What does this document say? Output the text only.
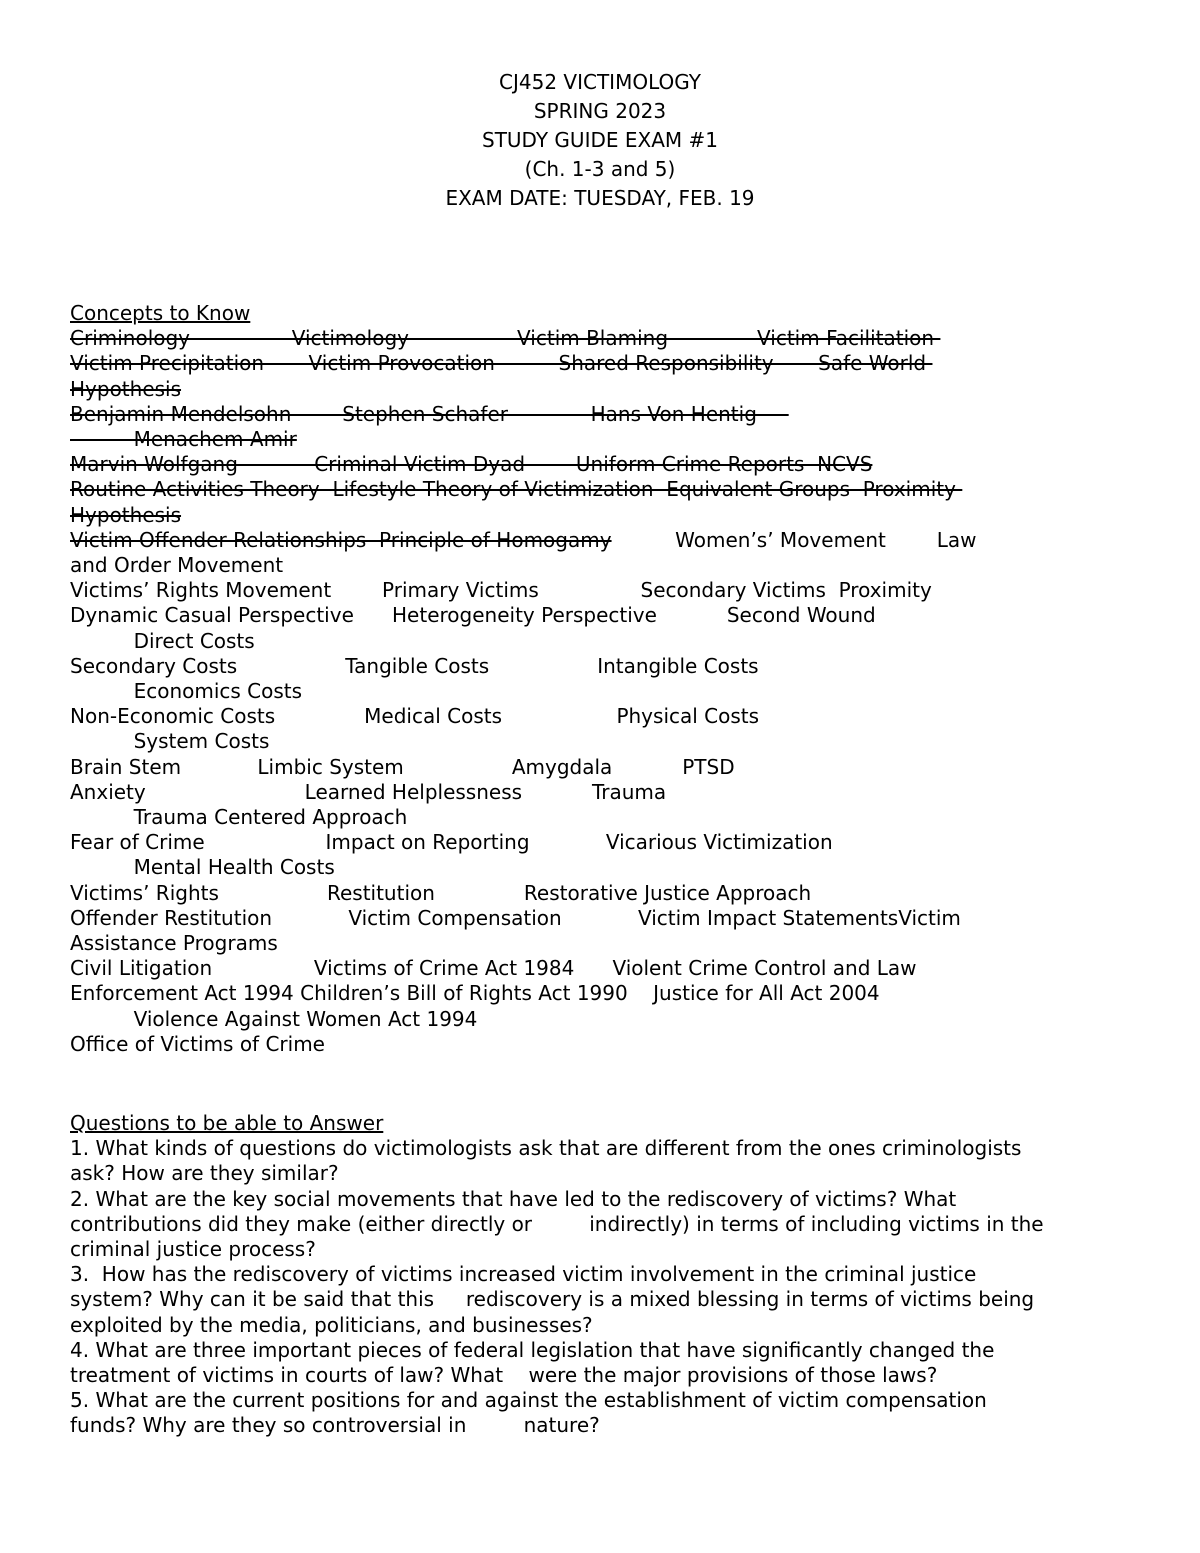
CJ452 VICTIMOLOGY
SPRING 2023
STUDY GUIDE EXAM #1
(Ch. 1-3 and 5)
EXAM DATE: TUESDAY, FEB. 19
Concepts to Know
Criminology                Victimology                 Victim Blaming              Victim Facilitation
Victim Precipitation       Victim Provocation          Shared Responsibility       Safe World
Hypothesis
Benjamin Mendelsohn        Stephen Schafer             Hans Von Hentig
Menachem Amir
Marvin Wolfgang            Criminal Victim Dyad        Uniform Crime Reports  NCVS
Routine Activities Theory  Lifestyle Theory of Victimization  Equivalent Groups  Proximity
Hypothesis
Victim Offender Relationships  Principle of Homogamy          Women’s’ Movement        Law
and Order Movement
Victims’ Rights Movement        Primary Victims                Secondary Victims  Proximity
Dynamic Casual Perspective      Heterogeneity Perspective           Second Wound
Direct Costs
Secondary Costs                 Tangible Costs                 Intangible Costs
Economics Costs
Non-Economic Costs              Medical Costs                  Physical Costs
System Costs
Brain Stem            Limbic System                 Amygdala           PTSD
Anxiety                         Learned Helplessness           Trauma
Trauma Centered Approach
Fear of Crime                   Impact on Reporting            Vicarious Victimization
Mental Health Costs
Victims’ Rights                 Restitution              Restorative Justice Approach
Offender Restitution            Victim Compensation            Victim Impact StatementsVictim
Assistance Programs
Civil Litigation                Victims of Crime Act 1984      Violent Crime Control and Law
Enforcement Act 1994 Children’s Bill of Rights Act 1990    Justice for All Act 2004
Violence Against Women Act 1994
Office of Victims of Crime
Questions to be able to Answer
1. What kinds of questions do victimologists ask that are different from the ones criminologists
ask? How are they similar?
2. What are the key social movements that have led to the rediscovery of victims? What
contributions did they make (either directly or         indirectly) in terms of including victims in the
criminal justice process?
3.  How has the rediscovery of victims increased victim involvement in the criminal justice
system? Why can it be said that this     rediscovery is a mixed blessing in terms of victims being
exploited by the media, politicians, and businesses?
4. What are three important pieces of federal legislation that have significantly changed the
treatment of victims in courts of law? What    were the major provisions of those laws?
5. What are the current positions for and against the establishment of victim compensation
funds? Why are they so controversial in         nature?
